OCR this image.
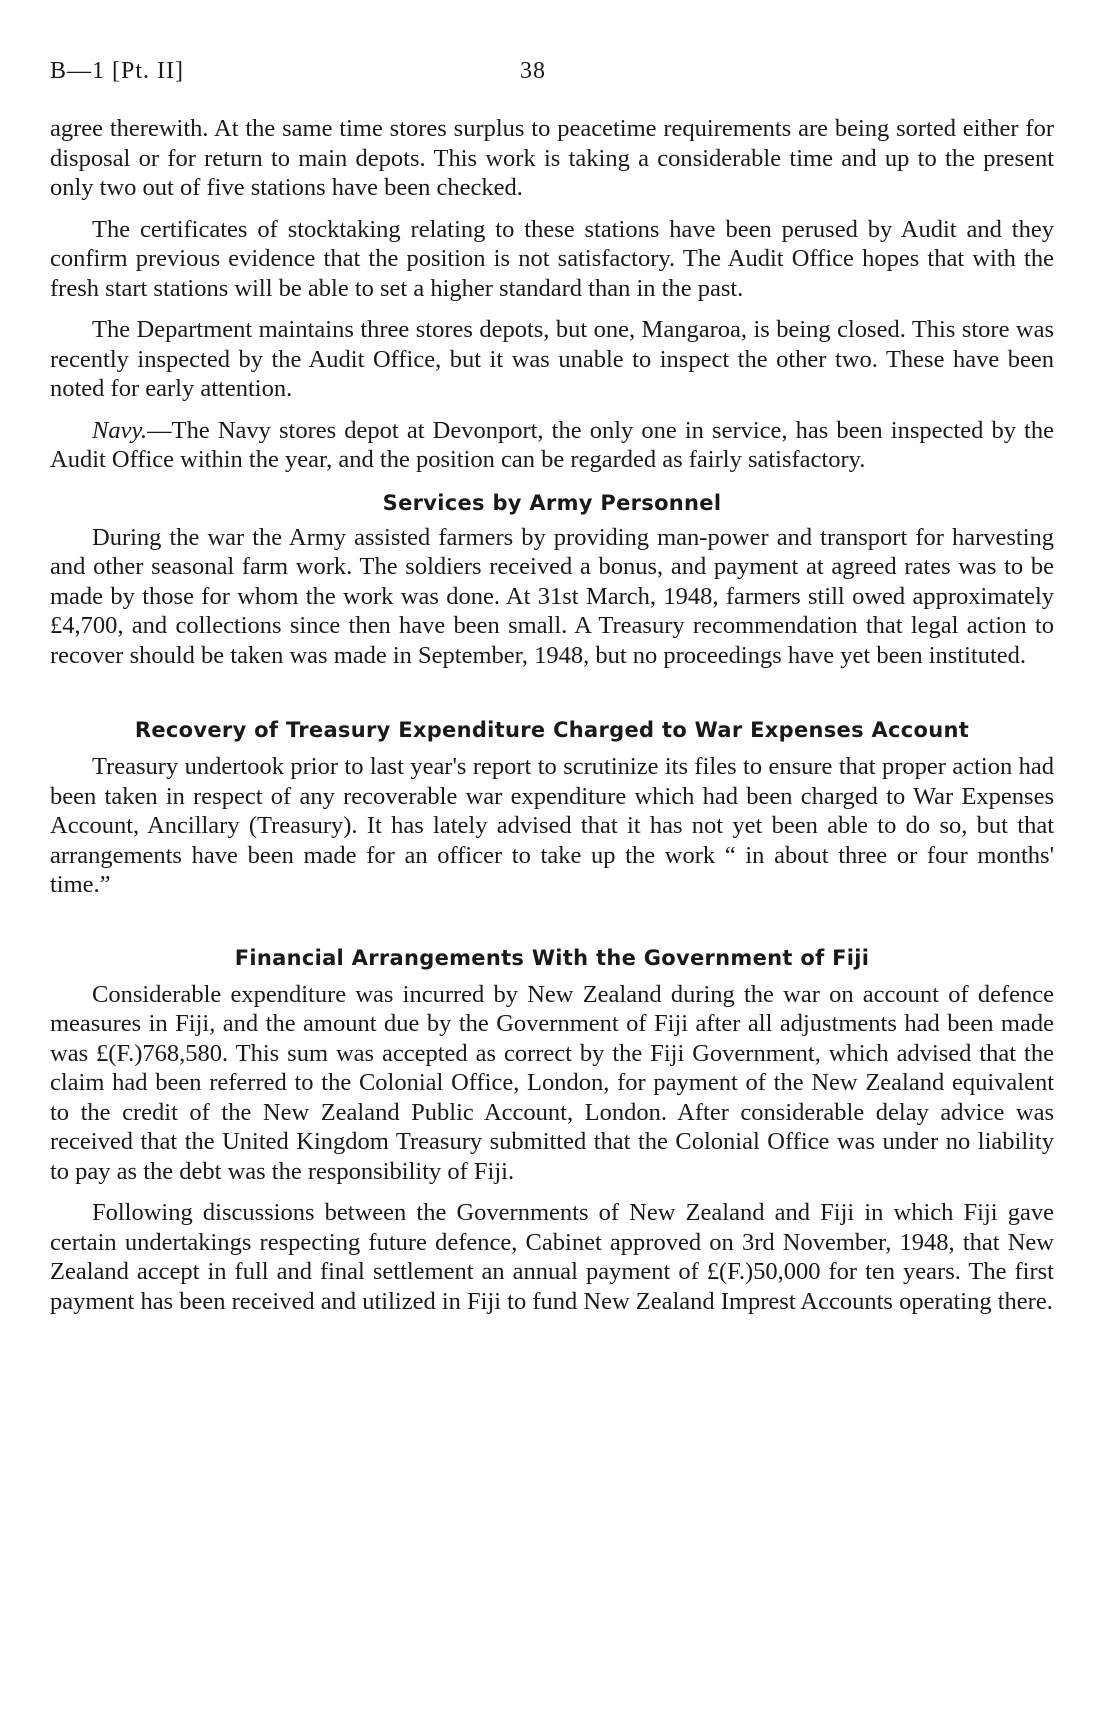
B—1 [Pt. II]	38

agree therewith. At the same time stores surplus to peacetime requirements are being sorted either for disposal or for return to main depots. This work is taking a considerable time and up to the present only two out of five stations have been checked.

The certificates of stocktaking relating to these stations have been perused by Audit and they confirm previous evidence that the position is not satisfactory. The Audit Office hopes that with the fresh start stations will be able to set a higher standard than in the past.

The Department maintains three stores depots, but one, Mangaroa, is being closed. This store was recently inspected by the Audit Office, but it was unable to inspect the other two. These have been noted for early attention.

Navy.—The Navy stores depot at Devonport, the only one in service, has been inspected by the Audit Office within the year, and the position can be regarded as fairly satisfactory.

Services by Army Personnel

During the war the Army assisted farmers by providing man-power and transport for harvesting and other seasonal farm work. The soldiers received a bonus, and payment at agreed rates was to be made by those for whom the work was done. At 31st March, 1948, farmers still owed approximately £4,700, and collections since then have been small. A Treasury recommendation that legal action to recover should be taken was made in September, 1948, but no proceedings have yet been instituted.

Recovery of Treasury Expenditure Charged to War Expenses Account

Treasury undertook prior to last year's report to scrutinize its files to ensure that proper action had been taken in respect of any recoverable war expenditure which had been charged to War Expenses Account, Ancillary (Treasury). It has lately advised that it has not yet been able to do so, but that arrangements have been made for an officer to take up the work “ in about three or four months' time.”

Financial Arrangements With the Government of Fiji

Considerable expenditure was incurred by New Zealand during the war on account of defence measures in Fiji, and the amount due by the Government of Fiji after all adjustments had been made was £(F.)768,580. This sum was accepted as correct by the Fiji Government, which advised that the claim had been referred to the Colonial Office, London, for payment of the New Zealand equivalent to the credit of the New Zealand Public Account, London. After considerable delay advice was received that the United Kingdom Treasury submitted that the Colonial Office was under no liability to pay as the debt was the responsibility of Fiji.

Following discussions between the Governments of New Zealand and Fiji in which Fiji gave certain undertakings respecting future defence, Cabinet approved on 3rd November, 1948, that New Zealand accept in full and final settlement an annual payment of £(F.)50,000 for ten years. The first payment has been received and utilized in Fiji to fund New Zealand Imprest Accounts operating there.
